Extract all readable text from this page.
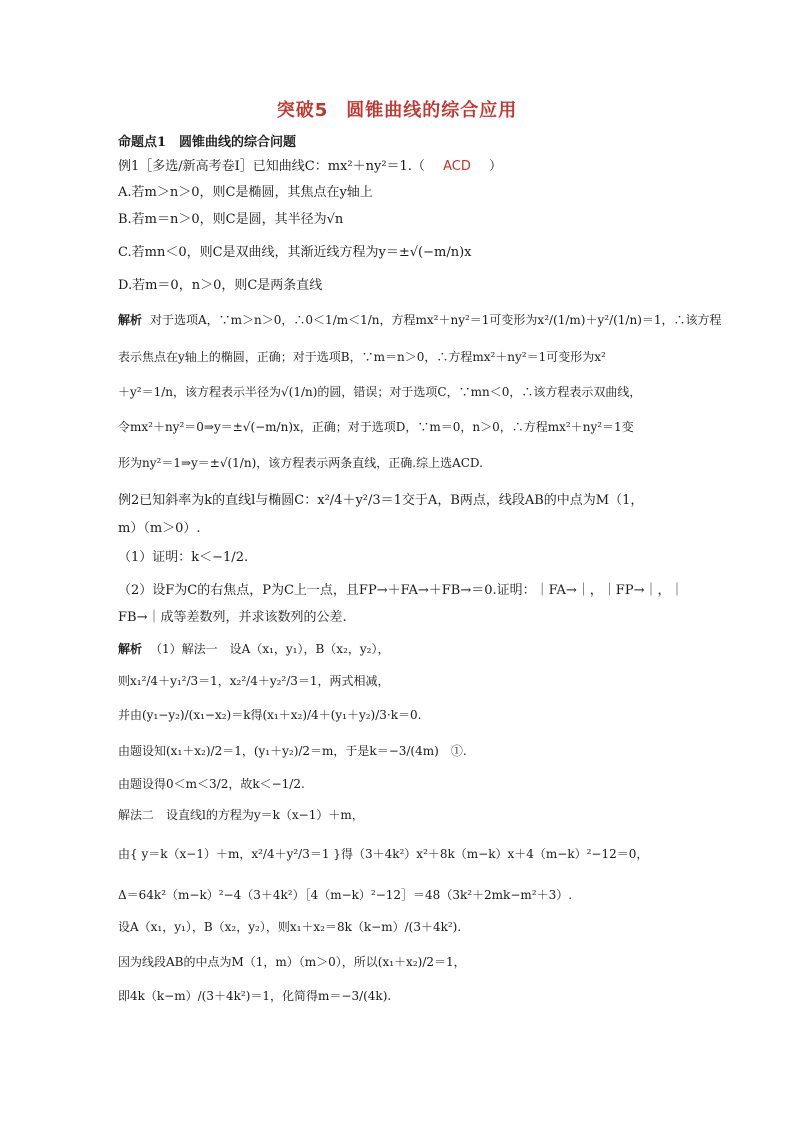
突破5 圆锥曲线的综合应用
命题点1　圆锥曲线的综合问题
例1［多选/新高考卷Ⅰ］已知曲线C：mx²＋ny²＝1.（ ACD ）
A.若m＞n＞0，则C是椭圆，其焦点在y轴上
B.若m＝n＞0，则C是圆，其半径为√n
C.若mn＜0，则C是双曲线，其渐近线方程为y＝±√(−m/n)x
D.若m＝0，n＞0，则C是两条直线
解析 对于选项A，∵m＞n＞0，∴0＜1/m＜1/n，方程mx²＋ny²＝1可变形为x²/(1/m)＋y²/(1/n)＝1，∴该方程
表示焦点在y轴上的椭圆，正确；对于选项B，∵m＝n＞0，∴方程mx²＋ny²＝1可变形为x²
＋y²＝1/n，该方程表示半径为√(1/n)的圆，错误；对于选项C，∵mn＜0，∴该方程表示双曲线，
令mx²＋ny²＝0⇒y＝±√(−m/n)x，正确；对于选项D，∵m＝0，n＞0，∴方程mx²＋ny²＝1变
形为ny²＝1⇒y＝±√(1/n)，该方程表示两条直线，正确.综上选ACD.
例2已知斜率为k的直线l与椭圆C：x²/4＋y²/3＝1交于A，B两点，线段AB的中点为M（1，
m）（m＞0）.
（1）证明：k＜−1/2.
（2）设F为C的右焦点，P为C上一点，且FP→＋FA→＋FB→＝0.证明：｜FA→｜，｜FP→｜，｜
FB→｜成等差数列，并求该数列的公差.
解析 （1）解法一　设A（x₁，y₁），B（x₂，y₂），
则x₁²/4＋y₁²/3＝1，x₂²/4＋y₂²/3＝1，两式相减，
并由(y₁−y₂)/(x₁−x₂)＝k得(x₁＋x₂)/4＋(y₁＋y₂)/3·k＝0.
由题设知(x₁＋x₂)/2＝1，(y₁＋y₂)/2＝m，于是k＝−3/(4m)　①.
由题设得0＜m＜3/2，故k＜−1/2.
解法二　设直线l的方程为y＝k（x−1）＋m，
由{ y＝k（x−1）＋m，x²/4＋y²/3＝1 }得（3＋4k²）x²＋8k（m−k）x＋4（m−k）²−12＝0，
Δ＝64k²（m−k）²−4（3＋4k²）［4（m−k）²−12］＝48（3k²＋2mk−m²＋3）.
设A（x₁，y₁），B（x₂，y₂），则x₁＋x₂＝8k（k−m）/(3＋4k²).
因为线段AB的中点为M（1，m）（m＞0），所以(x₁＋x₂)/2＝1，
即4k（k−m）/(3＋4k²)＝1，化简得m＝−3/(4k).
